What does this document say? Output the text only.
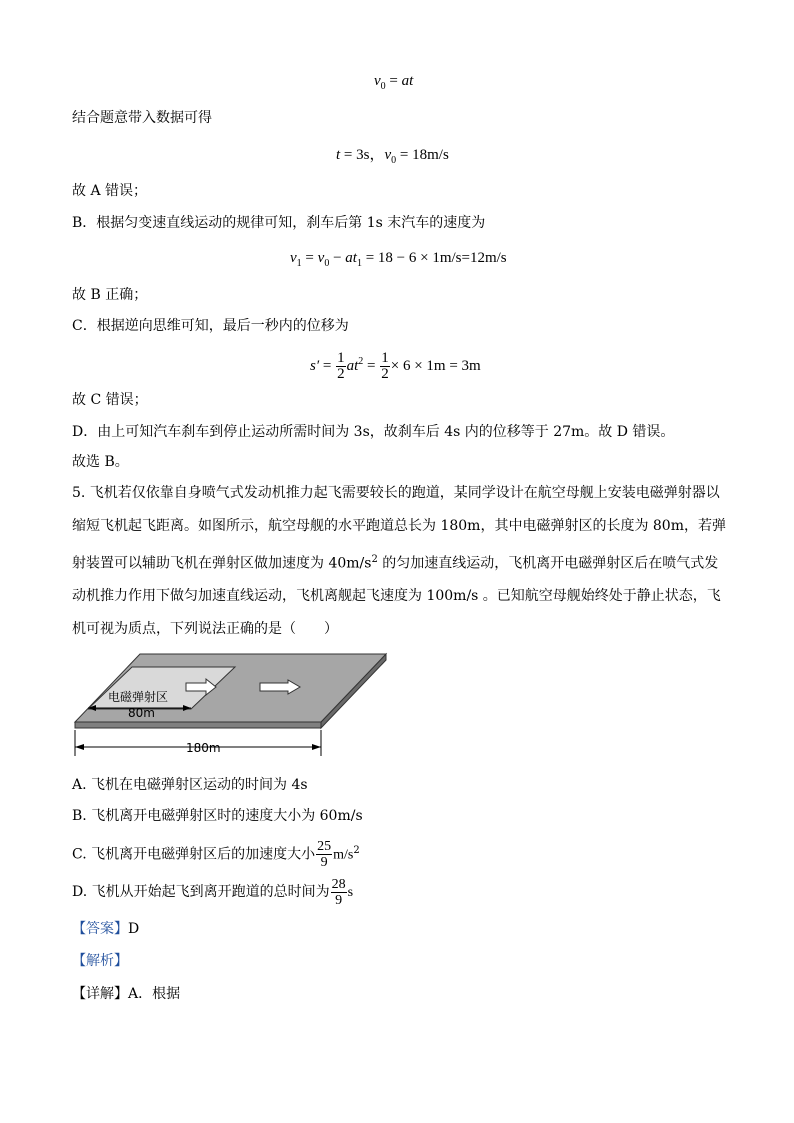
$v_0$ = at
结合题意带入数据可得
t = 3s，$v_0 = 18m/s$
故 A 错误；
B．根据匀变速直线运动的规律可知，刹车后第 1s 末汽车的速度为
$v_1 = v_0 - at_1 = 18 - 6 \times 1m/s=12m/s$
故 B 正确；
C．根据逆向思维可知，最后一秒内的位移为
$s' = \frac{1}{2} at^2 = \frac{1}{2} \times 6 \times 1m = 3m$
故 C 错误；
D．由上可知汽车刹车到停止运动所需时间为 3s，故刹车后 4s 内的位移等于 27m。故 D 错误。
故选 B。
5. 飞机若仅依靠自身喷气式发动机推力起飞需要较长的跑道，某同学设计在航空母舰上安装电磁弹射器以
缩短飞机起飞距离。如图所示，航空母舰的水平跑道总长为 180m，其中电磁弹射区的长度为 80m，若弹
射装置可以辅助飞机在弹射区做加速度为 $40m/s^2$ 的匀加速直线运动，飞机离开电磁弹射区后在喷气式发
动机推力作用下做匀加速直线运动，飞机离舰起飞速度为 100m/s 。已知航空母舰始终处于静止状态，飞
机可视为质点，下列说法正确的是（　　）
电磁弹射区
80m
180m
A. 飞机在电磁弹射区运动的时间为 4s
B. 飞机离开电磁弹射区时的速度大小为 60m/s
C. 飞机离开电磁弹射区后的加速度大小 $\frac{25}{9} m/s^2$
D. 飞机从开始起飞到离开跑道的总时间为 $\frac{28}{9}$ s
【答案】D
【解析】
【详解】A．根据
